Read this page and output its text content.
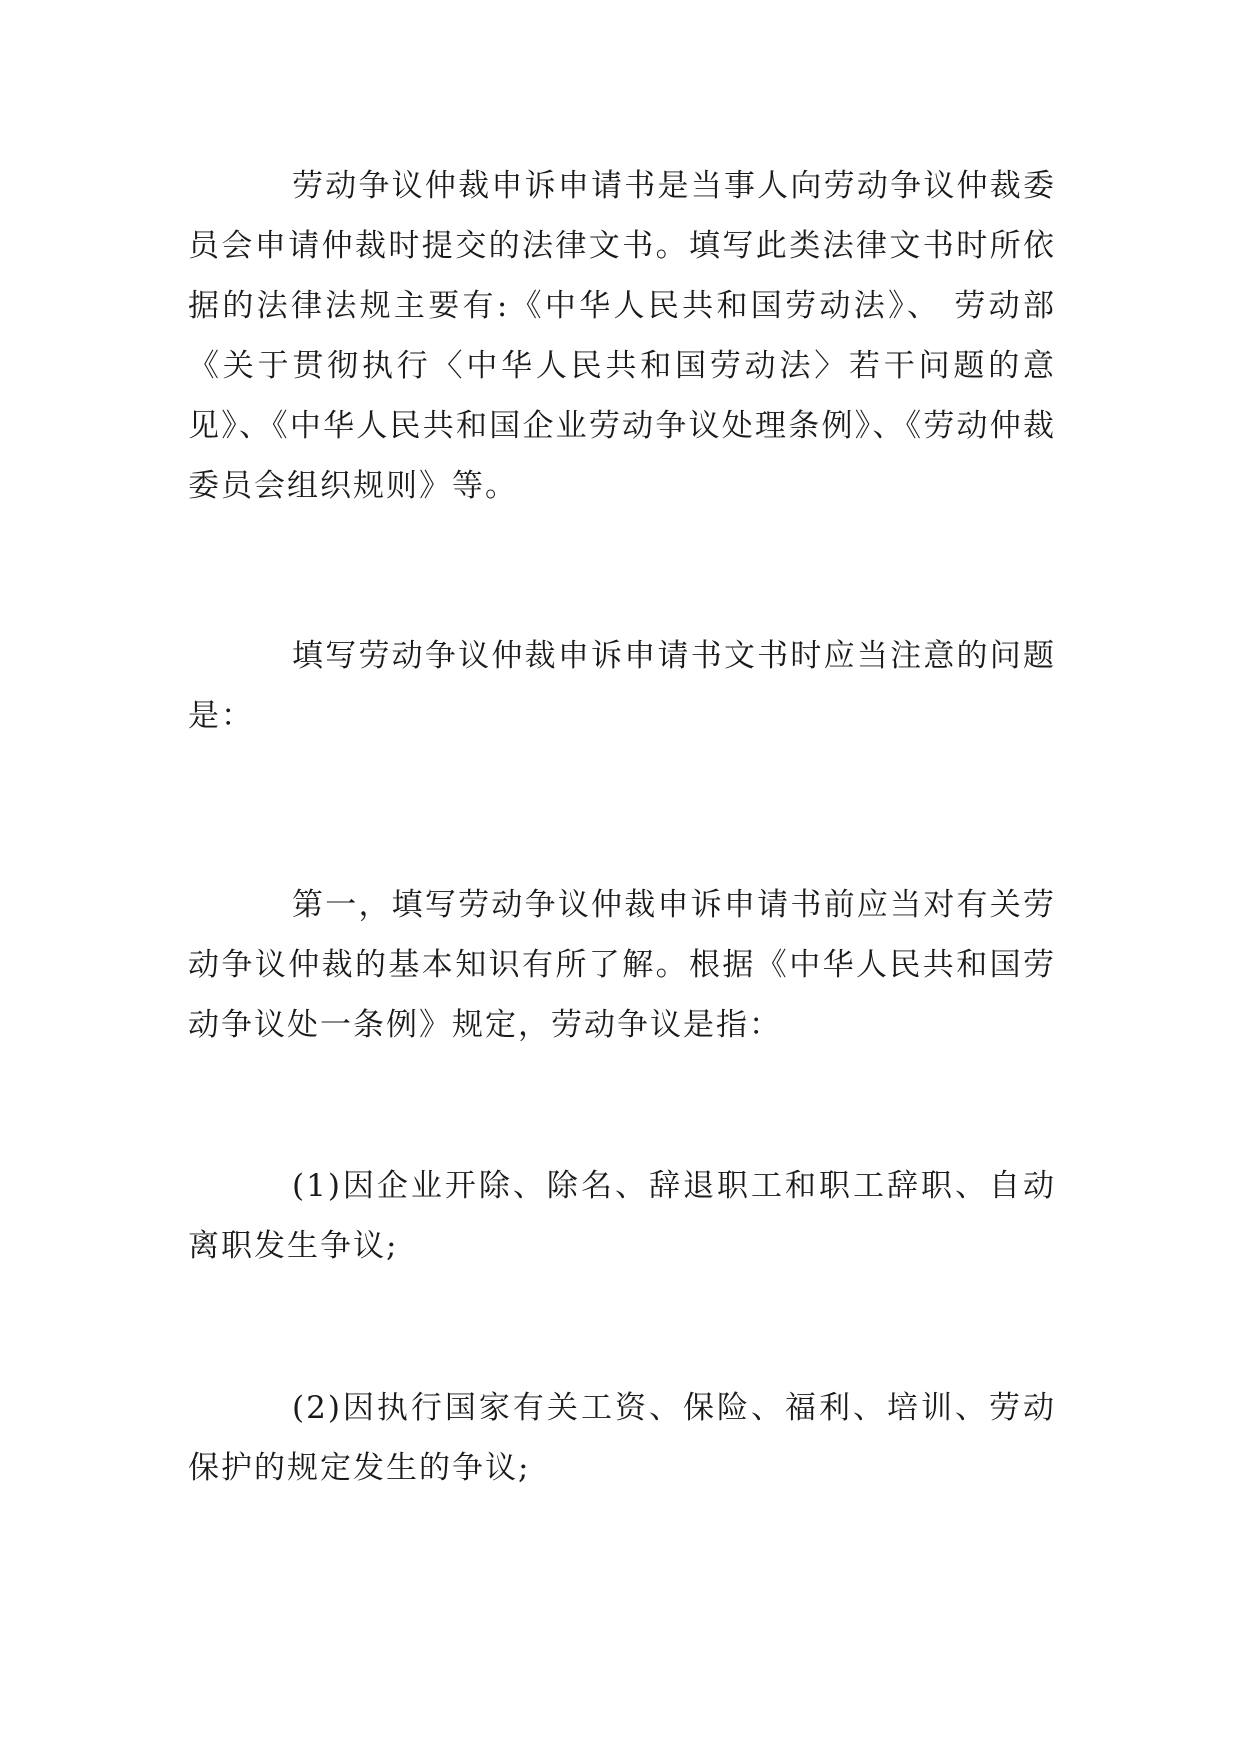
劳动争议仲裁申诉申请书是当事人向劳动争议仲裁委员会申请仲裁时提交的法律文书。填写此类法律文书时所依据的法律法规主要有:《中华人民共和国劳动法》、 劳动部《关于贯彻执行〈中华人民共和国劳动法〉若干问题的意见》、《中华人民共和国企业劳动争议处理条例》、《劳动仲裁委员会组织规则》等。

填写劳动争议仲裁申诉申请书文书时应当注意的问题是：

第一，填写劳动争议仲裁申诉申请书前应当对有关劳动争议仲裁的基本知识有所了解。根据《中华人民共和国劳动争议处一条例》规定，劳动争议是指：

(1)因企业开除、除名、辞退职工和职工辞职、自动离职发生争议;

(2)因执行国家有关工资、保险、福利、培训、劳动保护的规定发生的争议;
